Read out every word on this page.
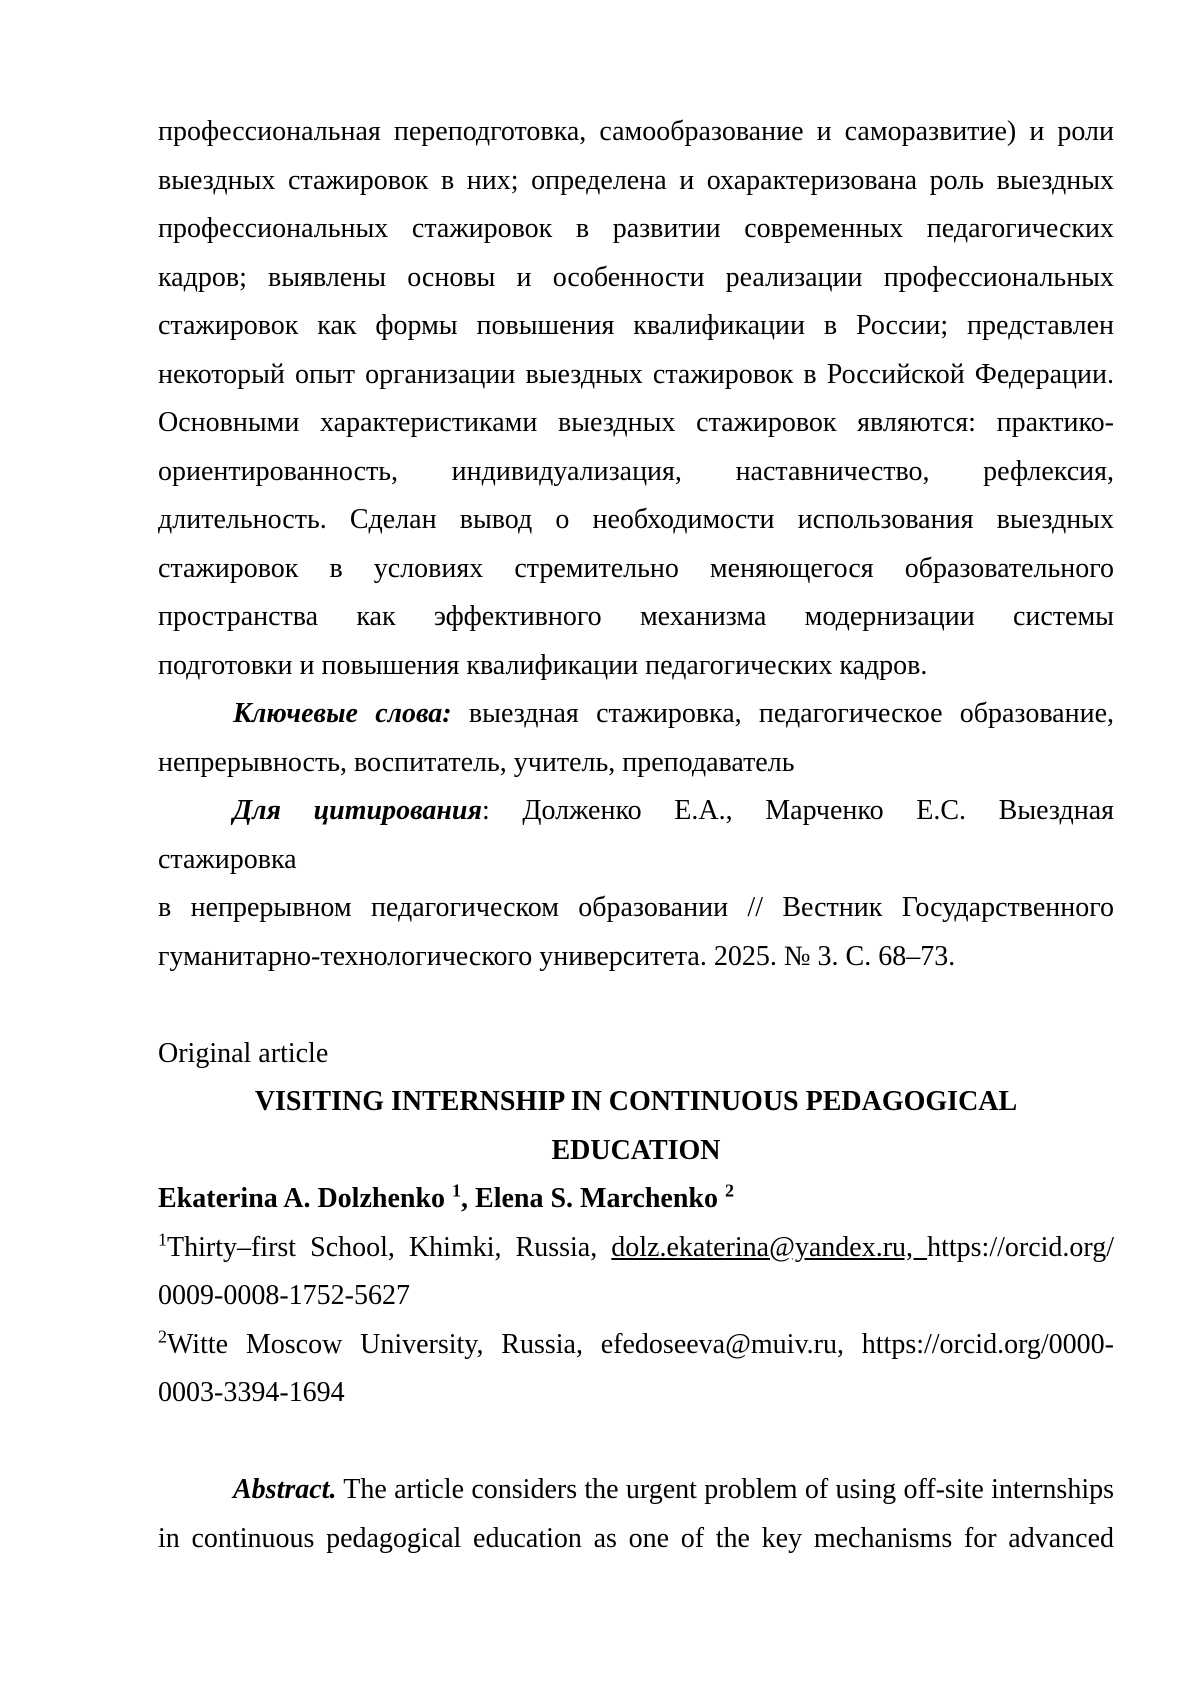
профессиональная переподготовка, самообразование и саморазвитие) и роли
выездных стажировок в них; определена и охарактеризована роль выездных
профессиональных стажировок в развитии современных педагогических
кадров; выявлены основы и особенности реализации профессиональных
стажировок как формы повышения квалификации в России; представлен
некоторый опыт организации выездных стажировок в Российской Федерации.
Основными характеристиками выездных стажировок являются: практико-
ориентированность, индивидуализация, наставничество, рефлексия,
длительность. Сделан вывод о необходимости использования выездных
стажировок в условиях стремительно меняющегося образовательного
пространства как эффективного механизма модернизации системы
подготовки и повышения квалификации педагогических кадров.
Ключевые слова: выездная стажировка, педагогическое образование,
непрерывность, воспитатель, учитель, преподаватель
Для цитирования: Долженко Е.А., Марченко Е.С. Выездная
стажировка
в непрерывном педагогическом образовании // Вестник Государственного
гуманитарно-технологического университета. 2025. № 3. С. 68–73.
Original article
VISITING INTERNSHIP IN CONTINUOUS PEDAGOGICAL
EDUCATION
Ekaterina A. Dolzhenko $^1$, Elena S. Marchenko $^2$
$^1$Thirty–first School, Khimki, Russia, dolz.ekaterina@yandex.ru, https://orcid.org/
0009-0008-1752-5627
$^2$Witte Moscow University, Russia, efedoseeva@muiv.ru, https://orcid.org/0000-
0003-3394-1694
Abstract. The article considers the urgent problem of using off-site internships
in continuous pedagogical education as one of the key mechanisms for advanced
